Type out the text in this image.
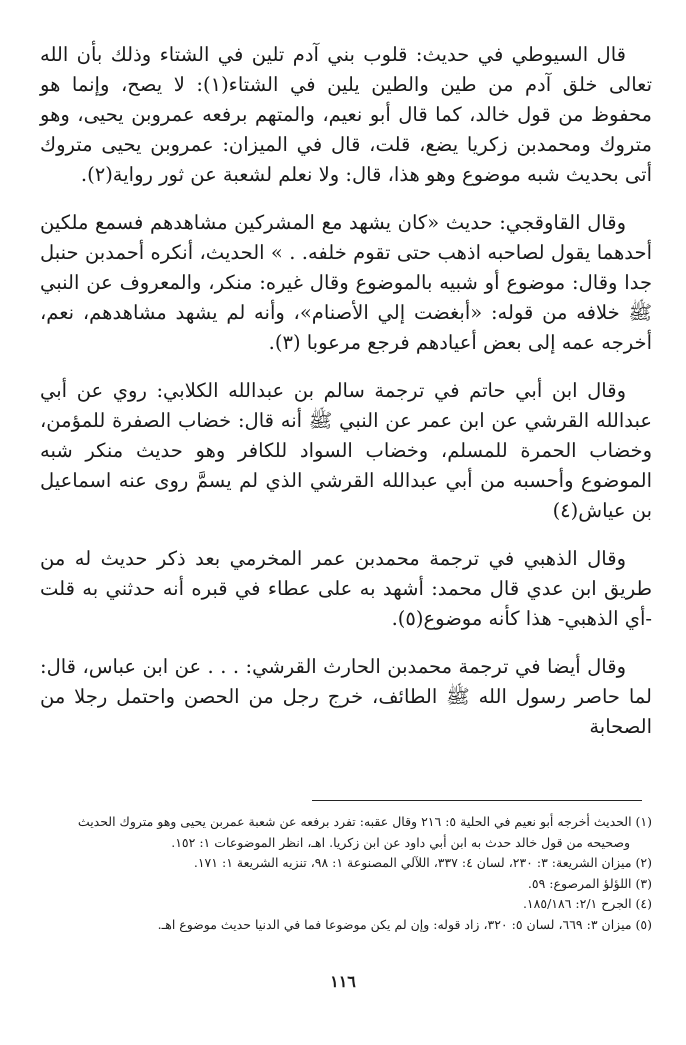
قال السيوطي في حديث: قلوب بني آدم تلين في الشتاء وذلك بأن الله تعالى خلق آدم من طين والطين يلين في الشتاء(١): لا يصح، وإنما هو محفوظ من قول خالد، كما قال أبو نعيم، والمتهم برفعه عمروبن يحيى، وهو متروك ومحمدبن زكريا يضع، قلت، قال في الميزان: عمروبن يحيى متروك أتى بحديث شبه موضوع وهو هذا، قال: ولا نعلم لشعبة عن ثور رواية(٢).

وقال القاوقجي: حديث «كان يشهد مع المشركين مشاهدهم فسمع ملكين أحدهما يقول لصاحبه اذهب حتى تقوم خلفه. . » الحديث، أنكره أحمدبن حنبل جدا وقال: موضوع أو شبيه بالموضوع وقال غيره: منكر، والمعروف عن النبي ﷺ خلافه من قوله: «أبغضت إلي الأصنام»، وأنه لم يشهد مشاهدهم، نعم، أخرجه عمه إلى بعض أعيادهم فرجع مرعوبا (٣).

وقال ابن أبي حاتم في ترجمة سالم بن عبدالله الكلابي: روي عن أبي عبدالله القرشي عن ابن عمر عن النبي ﷺ أنه قال: خضاب الصفرة للمؤمن، وخضاب الحمرة للمسلم، وخضاب السواد للكافر وهو حديث منكر شبه الموضوع وأحسبه من أبي عبدالله القرشي الذي لم يسمَّ روى عنه اسماعيل بن عياش(٤)

وقال الذهبي في ترجمة محمدبن عمر المخرمي بعد ذكر حديث له من طريق ابن عدي قال محمد: أشهد به على عطاء في قبره أنه حدثني به قلت -أي الذهبي- هذا كأنه موضوع(٥).

وقال أيضا في ترجمة محمدبن الحارث القرشي: . . . عن ابن عباس، قال: لما حاصر رسول الله ﷺ الطائف، خرج رجل من الحصن واحتمل رجلا من الصحابة

(١) الحديث أخرجه أبو نعيم في الحلية ٥: ٢١٦ وقال عقبه: تفرد برفعه عن شعبة عمربن يحيى وهو متروك الحديث

وصحيحه من قول خالد حدث به ابن أبي داود عن ابن زكريا. اهـ، انظر الموضوعات ١: ١٥٢.

(٢) ميزان الشريعة: ٣: ٢٣٠، لسان ٤: ٣٣٧، اللآلي المصنوعة ١: ٩٨، تنزيه الشريعة ١: ١٧١.

(٣) اللؤلؤ المرصوع: ٥٩.

(٤) الجرح ٢/١: ١٨٥/١٨٦.

(٥) ميزان ٣: ٦٦٩، لسان ٥: ٣٢٠، زاد قوله: وإن لم يكن موضوعا فما في الدنيا حديث موضوع اهـ.

١١٦
